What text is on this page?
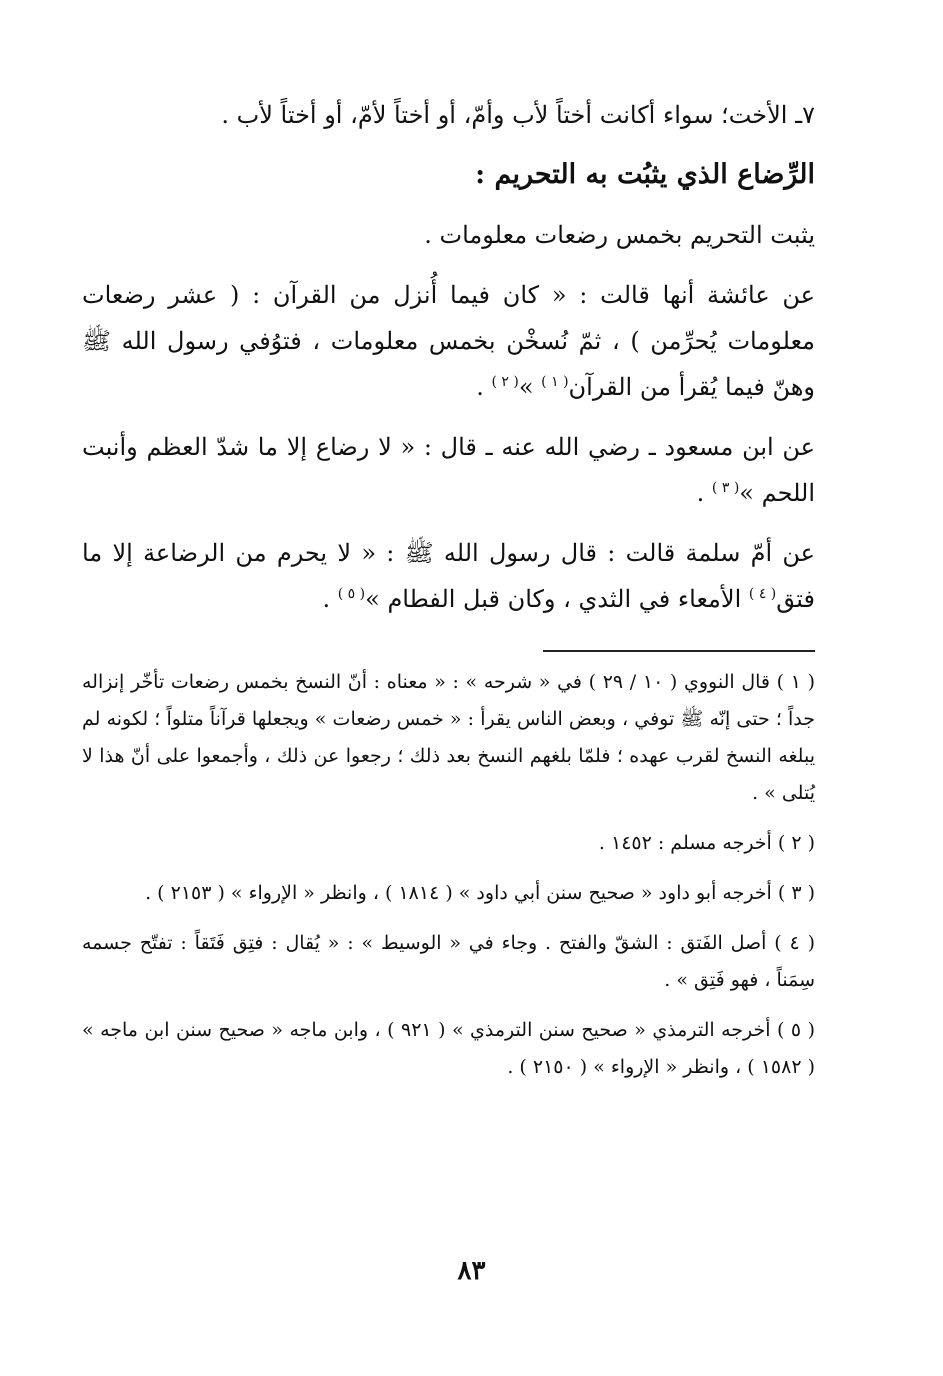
٧ـ الأخت؛ سواء أكانت أختاً لأب وأمّ، أو أختاً لأمّ، أو أختاً لأب .

الرِّضاع الذي يثبُت به التحريم :

يثبت التحريم بخمس رضعات معلومات .

عن عائشة أنها قالت : « كان فيما أُنزل من القرآن : ( عشر رضعات معلومات يُحرِّمن ) ، ثمّ نُسخْن بخمس معلومات ، فتوُفي رسول الله ﷺ وهنّ فيما يُقرأ من القرآن$^{( ١ )}$ »$^{( ٢ )}$ .

عن ابن مسعود ـ رضي الله عنه ـ قال : « لا رضاع إلا ما شدّ العظم وأنبت اللحم »$^{( ٣ )}$ .

عن أمّ سلمة قالت : قال رسول الله ﷺ : « لا يحرم من الرضاعة إلا ما فتق$^{( ٤ )}$ الأمعاء في الثدي ، وكان قبل الفطام »$^{( ٥ )}$ .

( ١ ) قال النووي ( ١٠ / ٢٩ ) في « شرحه » : « معناه : أنّ النسخ بخمس رضعات تأخّر إنزاله جداً ؛ حتى إنّه ﷺ توفي ، وبعض الناس يقرأ : « خمس رضعات » ويجعلها قرآناً متلواً ؛ لكونه لم يبلغه النسخ لقرب عهده ؛ فلمّا بلغهم النسخ بعد ذلك ؛ رجعوا عن ذلك ، وأجمعوا على أنّ هذا لا يُتلى » .

( ٢ ) أخرجه مسلم : ١٤٥٢ .

( ٣ ) أخرجه أبو داود « صحيح سنن أبي داود » ( ١٨١٤ ) ، وانظر « الإرواء » ( ٢١٥٣ ) .

( ٤ ) أصل الفَتق : الشقّ والفتح . وجاء في « الوسيط » : « يُقال : فتِق فَتَقاً : تفتّح جسمه سِمَناً ، فهو فَتِق » .

( ٥ ) أخرجه الترمذي « صحيح سنن الترمذي » ( ٩٢١ ) ، وابن ماجه « صحيح سنن ابن ماجه » ( ١٥٨٢ ) ، وانظر « الإرواء » ( ٢١٥٠ ) .

٨٣
